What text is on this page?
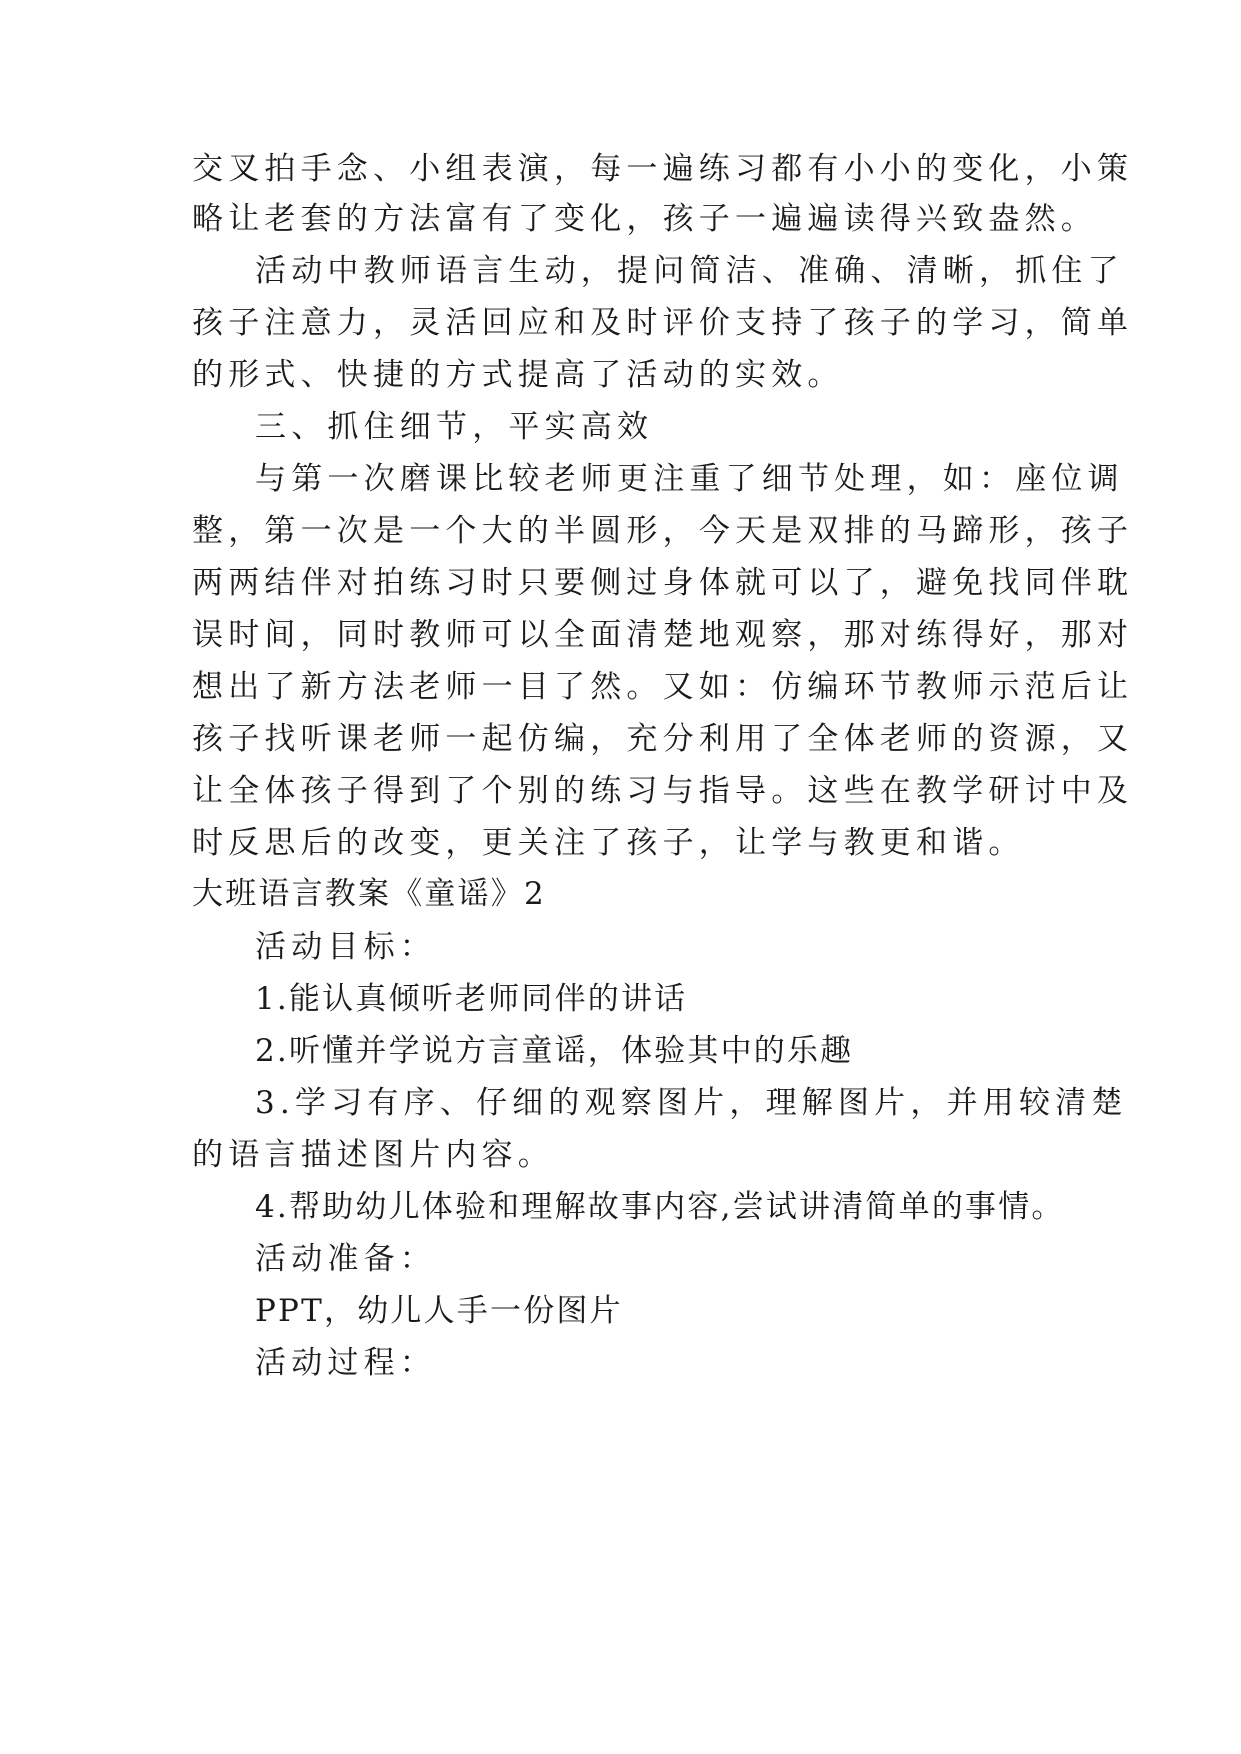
交叉拍手念、小组表演，每一遍练习都有小小的变化，小策
略让老套的方法富有了变化，孩子一遍遍读得兴致盎然。
活动中教师语言生动，提问简洁、准确、清晰，抓住了
孩子注意力，灵活回应和及时评价支持了孩子的学习，简单
的形式、快捷的方式提高了活动的实效。
三、抓住细节，平实高效
与第一次磨课比较老师更注重了细节处理，如：座位调
整，第一次是一个大的半圆形，今天是双排的马蹄形，孩子
两两结伴对拍练习时只要侧过身体就可以了，避免找同伴耽
误时间，同时教师可以全面清楚地观察，那对练得好，那对
想出了新方法老师一目了然。又如：仿编环节教师示范后让
孩子找听课老师一起仿编，充分利用了全体老师的资源，又
让全体孩子得到了个别的练习与指导。这些在教学研讨中及
时反思后的改变，更关注了孩子，让学与教更和谐。
大班语言教案《童谣》2
活动目标：
1.能认真倾听老师同伴的讲话
2.听懂并学说方言童谣，体验其中的乐趣
3.学习有序、仔细的观察图片，理解图片，并用较清楚
的语言描述图片内容。
4.帮助幼儿体验和理解故事内容,尝试讲清简单的事情。
活动准备：
PPT，幼儿人手一份图片
活动过程：
